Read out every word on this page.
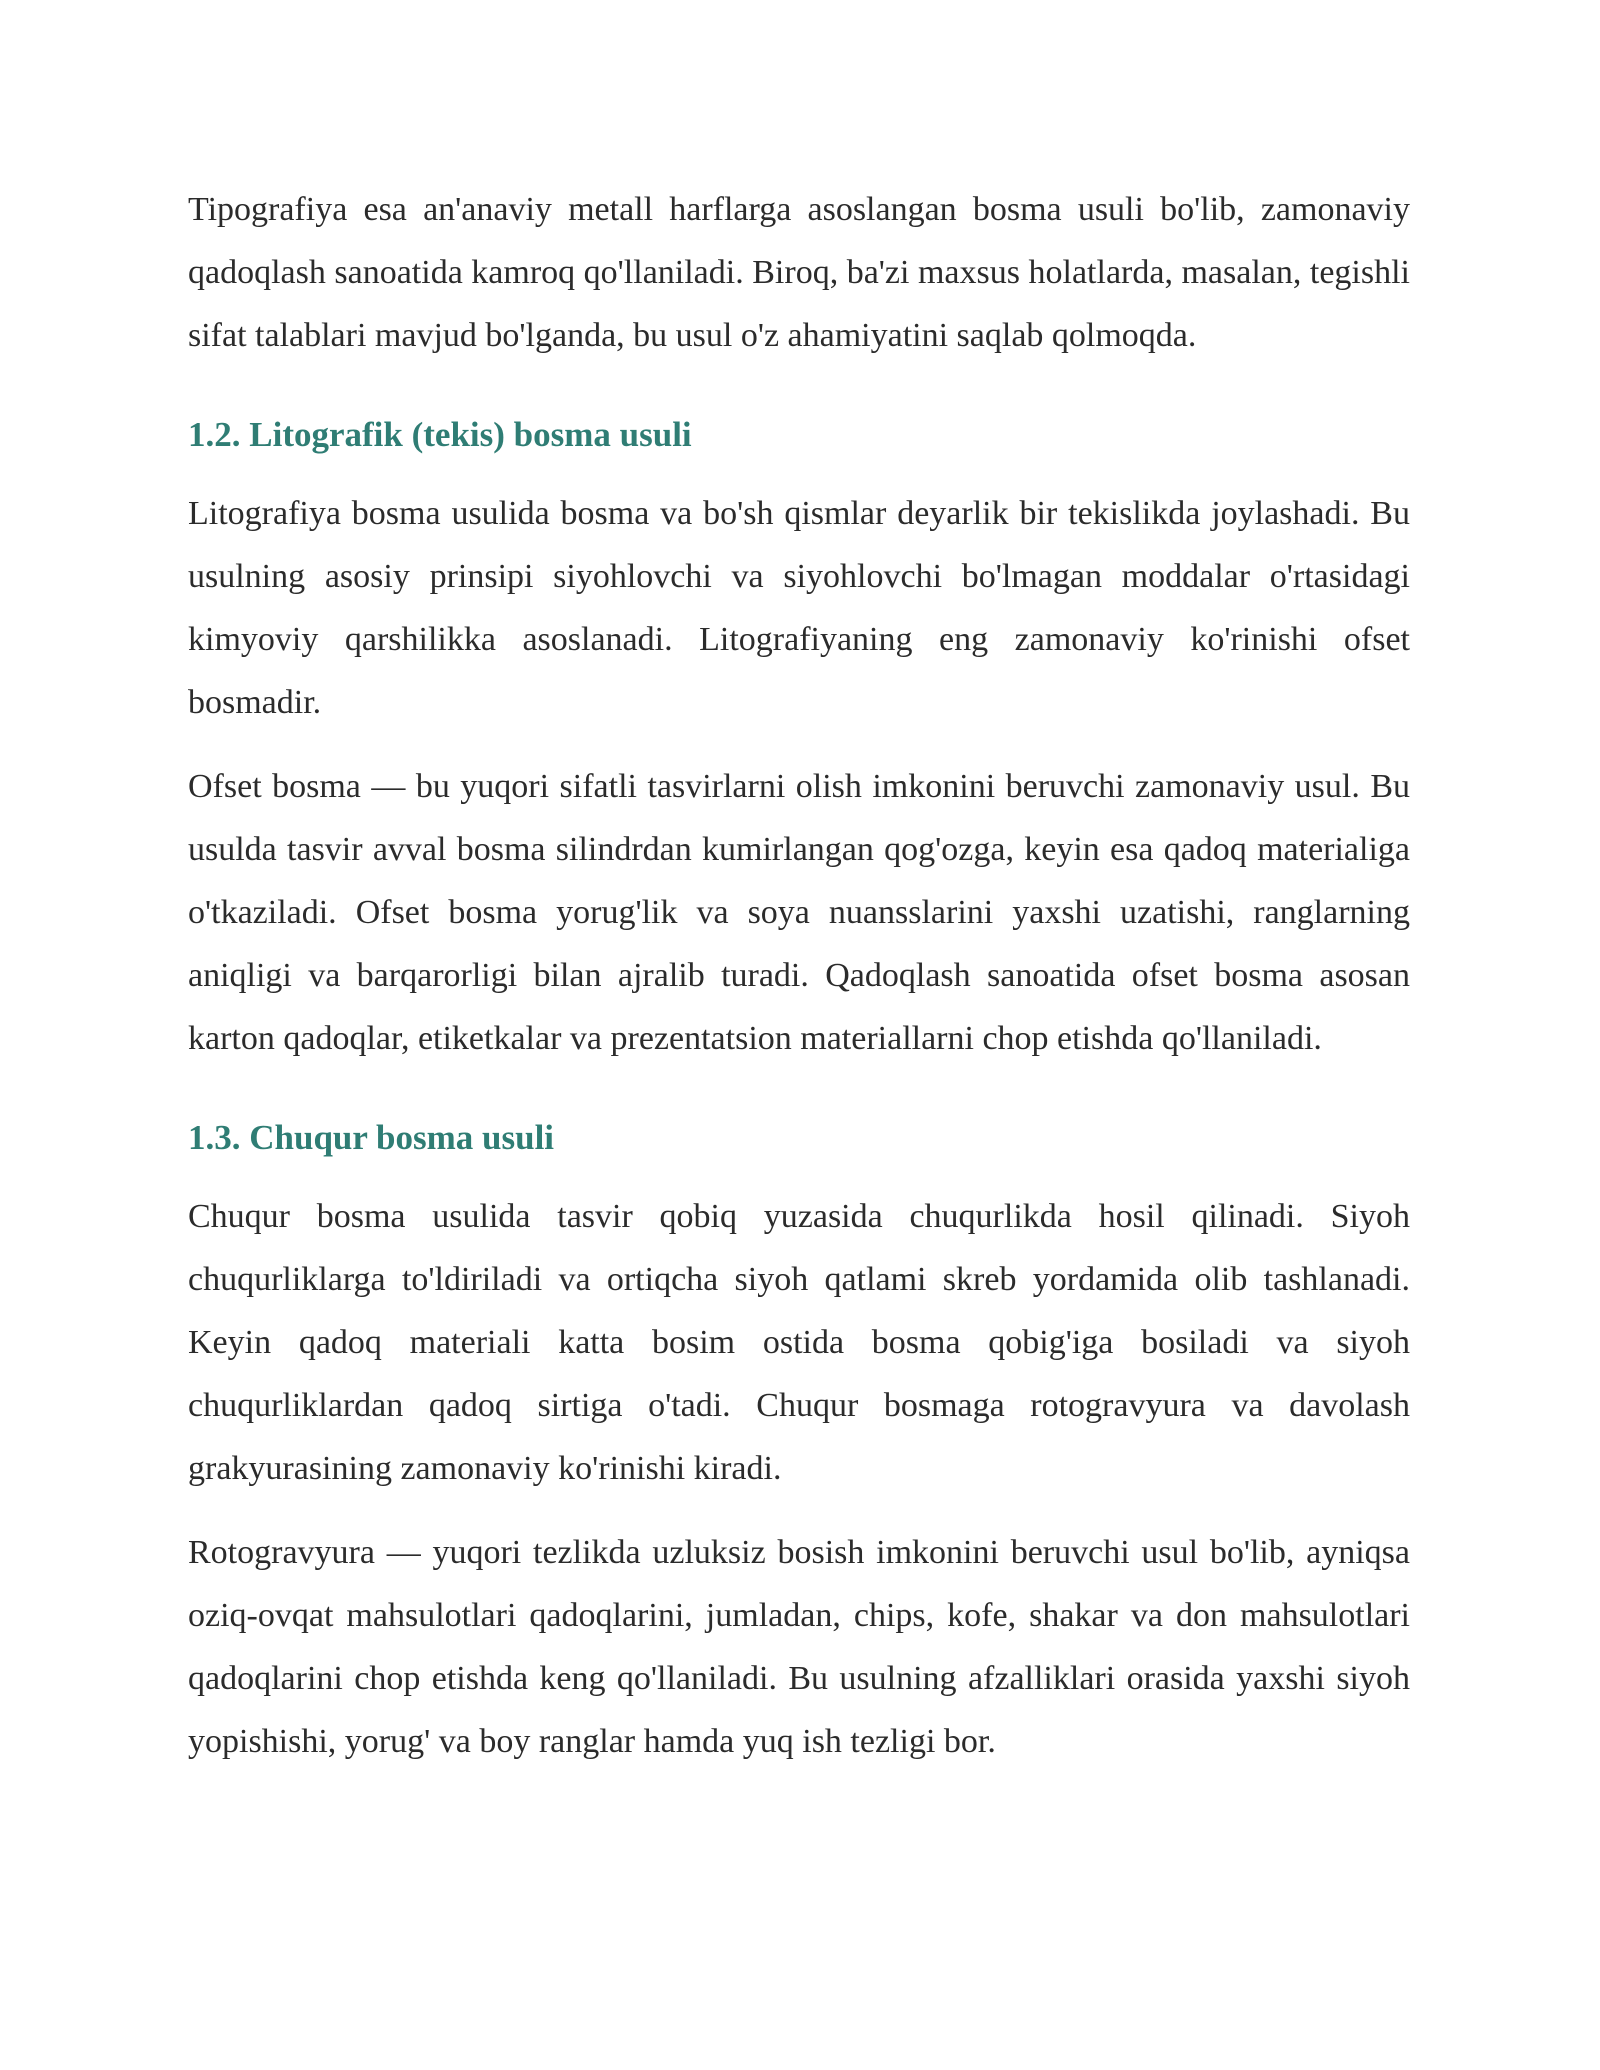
Tipografiya esa an'anaviy metall harflarga asoslangan bosma usuli bo'lib, zamonaviy qadoqlash sanoatida kamroq qo'llaniladi. Biroq, ba'zi maxsus holatlarda, masalan, tegishli sifat talablari mavjud bo'lganda, bu usul o'z ahamiyatini saqlab qolmoqda.

1.2. Litografik (tekis) bosma usuli

Litografiya bosma usulida bosma va bo'sh qismlar deyarlik bir tekislikda joylashadi. Bu usulning asosiy prinsipi siyohlovchi va siyohlovchi bo'lmagan moddalar o'rtasidagi kimyoviy qarshilikka asoslanadi. Litografiyaning eng zamonaviy ko'rinishi ofset bosmadir.

Ofset bosma — bu yuqori sifatli tasvirlarni olish imkonini beruvchi zamonaviy usul. Bu usulda tasvir avval bosma silindrdan kumirlangan qog'ozga, keyin esa qadoq materialiga o'tkaziladi. Ofset bosma yorug'lik va soya nuansslarini yaxshi uzatishi, ranglarning aniqligi va barqarorligi bilan ajralib turadi. Qadoqlash sanoatida ofset bosma asosan karton qadoqlar, etiketkalar va prezentatsion materiallarni chop etishda qo'llaniladi.

1.3. Chuqur bosma usuli

Chuqur bosma usulida tasvir qobiq yuzasida chuqurlikda hosil qilinadi. Siyoh chuqurliklarga to'ldiriladi va ortiqcha siyoh qatlami skreb yordamida olib tashlanadi. Keyin qadoq materiali katta bosim ostida bosma qobig'iga bosiladi va siyoh chuqurliklardan qadoq sirtiga o'tadi. Chuqur bosmaga rotogravyura va davolash grakyurasining zamonaviy ko'rinishi kiradi.

Rotogravyura — yuqori tezlikda uzluksiz bosish imkonini beruvchi usul bo'lib, ayniqsa oziq-ovqat mahsulotlari qadoqlarini, jumladan, chips, kofe, shakar va don mahsulotlari qadoqlarini chop etishda keng qo'llaniladi. Bu usulning afzalliklari orasida yaxshi siyoh yopishishi, yorug' va boy ranglar hamda yuq ish tezligi bor.
